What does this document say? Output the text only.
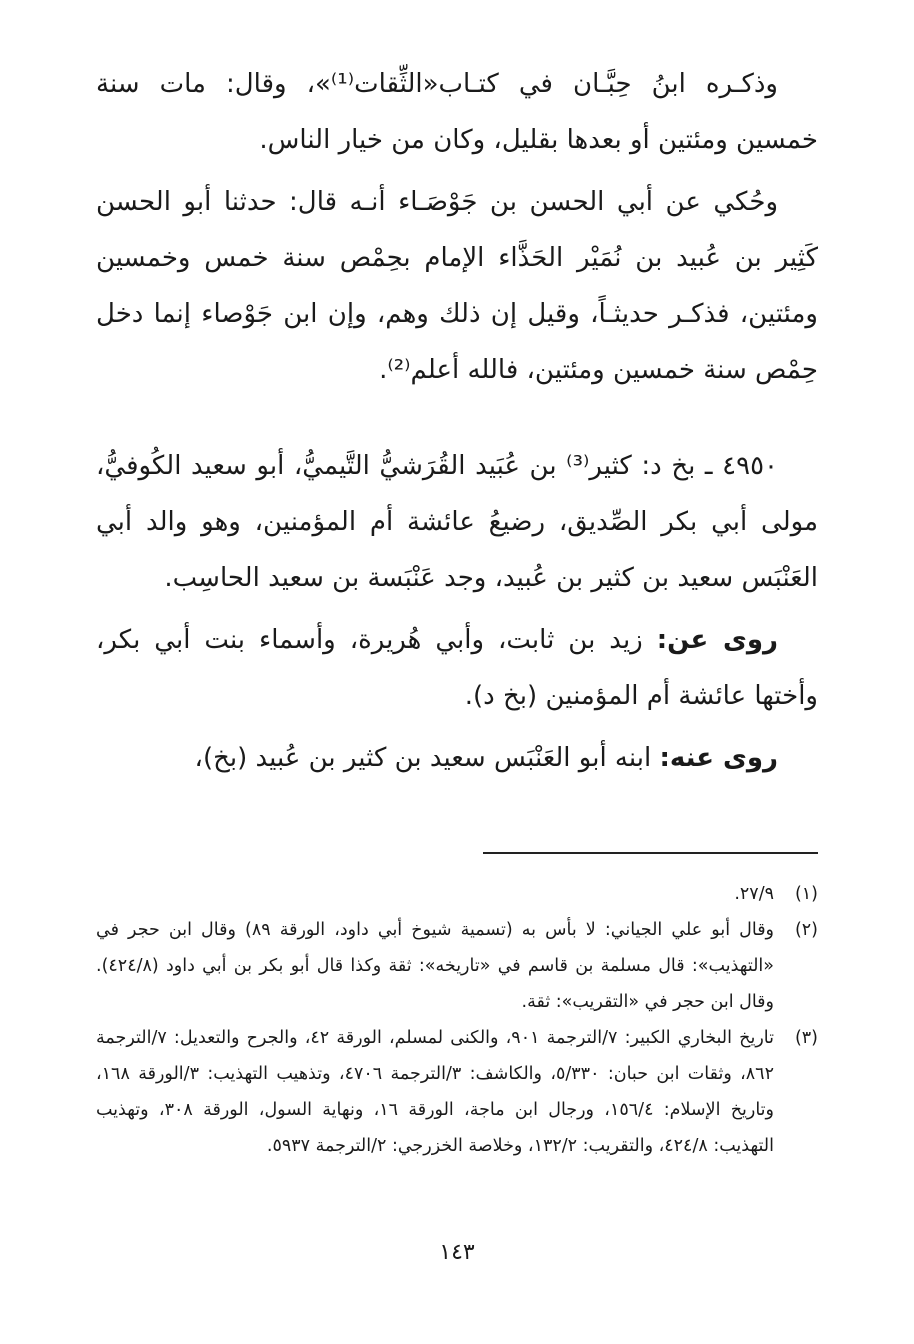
وذكـره ابنُ حِبَّـان في كتـاب«الثِّقات⁽¹⁾»، وقال: مات سنة خمسين ومئتين أو بعدها بقليل، وكان من خيار الناس.

وحُكي عن أبي الحسن بن جَوْصَـاء أنـه قال: حدثنا أبو الحسن كَثِير بن عُبيد بن نُمَيْر الحَذَّاء الإمام بحِمْص سنة خمس وخمسين ومئتين، فذكـر حديثـاً، وقيل إن ذلك وهم، وإن ابن جَوْصاء إنما دخل حِمْص سنة خمسين ومئتين، فالله أعلم⁽²⁾.

٤٩٥٠ ـ بخ د: كثير⁽³⁾ بن عُبَيد القُرَشيُّ التَّيميُّ، أبو سعيد الكُوفيُّ، مولى أبي بكر الصِّديق، رضيعُ عائشة أم المؤمنين، وهو والد أبي العَنْبَس سعيد بن كثير بن عُبيد، وجد عَنْبَسة بن سعيد الحاسِب.

روى عن: زيد بن ثابت، وأبي هُريرة، وأسماء بنت أبي بكر، وأختها عائشة أم المؤمنين (بخ د).

روى عنه: ابنه أبو العَنْبَس سعيد بن كثير بن عُبيد (بخ)،

(١)
٢٧/٩.
(٢)
وقال أبو علي الجياني: لا بأس به (تسمية شيوخ أبي داود، الورقة ٨٩) وقال ابن حجر في «التهذيب»: قال مسلمة بن قاسم في «تاريخه»: ثقة وكذا قال أبو بكر بن أبي داود (٤٢٤/٨). وقال ابن حجر في «التقريب»: ثقة.
(٣)
تاريخ البخاري الكبير: ٧/الترجمة ٩٠١، والكنى لمسلم، الورقة ٤٢، والجرح والتعديل: ٧/الترجمة ٨٦٢، وثقات ابن حبان: ٥/٣٣٠، والكاشف: ٣/الترجمة ٤٧٠٦، وتذهيب التهذيب: ٣/الورقة ١٦٨، وتاريخ الإسلام: ١٥٦/٤، ورجال ابن ماجة، الورقة ١٦، ونهاية السول، الورقة ٣٠٨، وتهذيب التهذيب: ٤٢٤/٨، والتقريب: ١٣٢/٢، وخلاصة الخزرجي: ٢/الترجمة ٥٩٣٧.
١٤٣
